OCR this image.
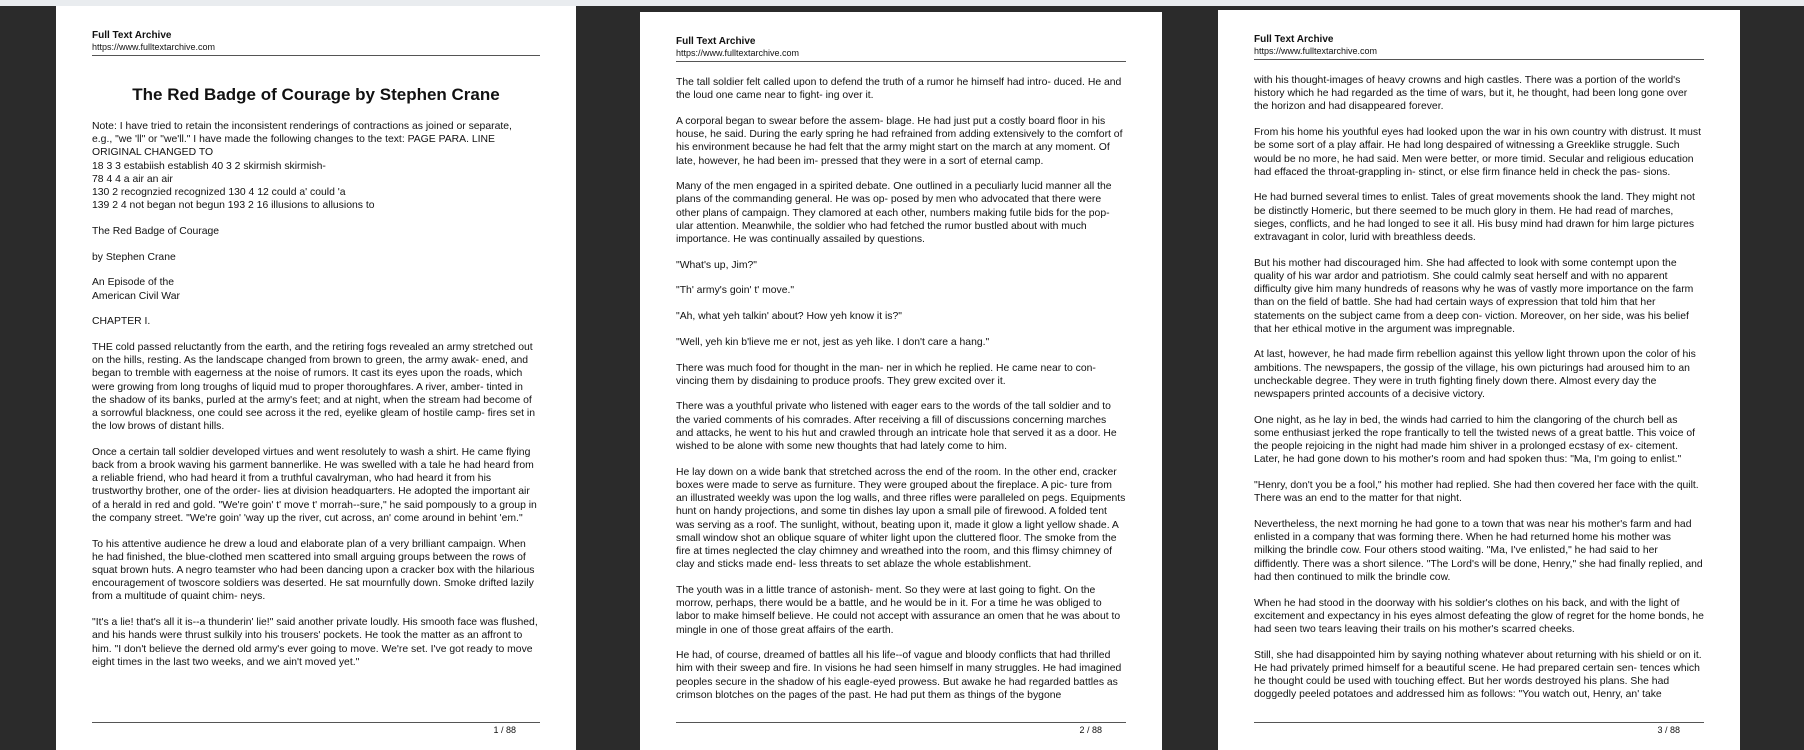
Full Text Archive
https://www.fulltextarchive.com
The Red Badge of Courage by Stephen Crane

Note: I have tried to retain the inconsistent renderings of contractions as joined or separate,
e.g., "we 'll" or "we'll." I have made the following changes to the text: PAGE PARA. LINE
ORIGINAL CHANGED TO
18 3 3 estabiish establish 40 3 2 skirmish skirmish-
78 4 4 a air an air
130 2 recognzied recognized 130 4 12 could a' could 'a
139 2 4 not began not begun 193 2 16 illusions to allusions to

The Red Badge of Courage

by Stephen Crane

An Episode of the
American Civil War

CHAPTER I.

THE cold passed reluctantly from the earth, and the retiring fogs revealed an army stretched out on the hills, resting. As the landscape changed from brown to green, the army awak- ened, and began to tremble with eagerness at the noise of rumors. It cast its eyes upon the roads, which were growing from long troughs of liquid mud to proper thoroughfares. A river, amber- tinted in the shadow of its banks, purled at the army's feet; and at night, when the stream had become of a sorrowful blackness, one could see across it the red, eyelike gleam of hostile camp- fires set in the low brows of distant hills.

Once a certain tall soldier developed virtues and went resolutely to wash a shirt. He came flying back from a brook waving his garment bannerlike. He was swelled with a tale he had heard from a reliable friend, who had heard it from a truthful cavalryman, who had heard it from his trustworthy brother, one of the order- lies at division headquarters. He adopted the important air of a herald in red and gold. "We're goin' t' move t' morrah--sure," he said pompously to a group in the company street. "We're goin' 'way up the river, cut across, an' come around in behint 'em."

To his attentive audience he drew a loud and elaborate plan of a very brilliant campaign. When he had finished, the blue-clothed men scattered into small arguing groups between the rows of squat brown huts. A negro teamster who had been dancing upon a cracker box with the hilarious encouragement of twoscore soldiers was deserted. He sat mournfully down. Smoke drifted lazily from a multitude of quaint chim- neys.

"It's a lie! that's all it is--a thunderin' lie!" said another private loudly. His smooth face was flushed, and his hands were thrust sulkily into his trousers' pockets. He took the matter as an affront to him. "I don't believe the derned old army's ever going to move. We're set. I've got ready to move eight times in the last two weeks, and we ain't moved yet."

1 / 88
Full Text Archive
https://www.fulltextarchive.com

The tall soldier felt called upon to defend the truth of a rumor he himself had intro- duced. He and the loud one came near to fight- ing over it.

A corporal began to swear before the assem- blage. He had just put a costly board floor in his house, he said. During the early spring he had refrained from adding extensively to the comfort of his environment because he had felt that the army might start on the march at any moment. Of late, however, he had been im- pressed that they were in a sort of eternal camp.

Many of the men engaged in a spirited debate. One outlined in a peculiarly lucid manner all the plans of the commanding general. He was op- posed by men who advocated that there were other plans of campaign. They clamored at each other, numbers making futile bids for the pop- ular attention. Meanwhile, the soldier who had fetched the rumor bustled about with much importance. He was continually assailed by questions.

"What's up, Jim?"

"Th' army's goin' t' move."

"Ah, what yeh talkin' about? How yeh know it is?"

"Well, yeh kin b'lieve me er not, jest as yeh like. I don't care a hang."

There was much food for thought in the man- ner in which he replied. He came near to con- vincing them by disdaining to produce proofs. They grew excited over it.

There was a youthful private who listened with eager ears to the words of the tall soldier and to the varied comments of his comrades. After receiving a fill of discussions concerning marches and attacks, he went to his hut and crawled through an intricate hole that served it as a door. He wished to be alone with some new thoughts that had lately come to him.

He lay down on a wide bank that stretched across the end of the room. In the other end, cracker boxes were made to serve as furniture. They were grouped about the fireplace. A pic- ture from an illustrated weekly was upon the log walls, and three rifles were paralleled on pegs. Equipments hunt on handy projections, and some tin dishes lay upon a small pile of firewood. A folded tent was serving as a roof. The sunlight, without, beating upon it, made it glow a light yellow shade. A small window shot an oblique square of whiter light upon the cluttered floor. The smoke from the fire at times neglected the clay chimney and wreathed into the room, and this flimsy chimney of clay and sticks made end- less threats to set ablaze the whole establishment.

The youth was in a little trance of astonish- ment. So they were at last going to fight. On the morrow, perhaps, there would be a battle, and he would be in it. For a time he was obliged to labor to make himself believe. He could not accept with assurance an omen that he was about to mingle in one of those great affairs of the earth.

He had, of course, dreamed of battles all his life--of vague and bloody conflicts that had thrilled him with their sweep and fire. In visions he had seen himself in many struggles. He had imagined peoples secure in the shadow of his eagle-eyed prowess. But awake he had regarded battles as crimson blotches on the pages of the past. He had put them as things of the bygone

2 / 88
Full Text Archive
https://www.fulltextarchive.com

with his thought-images of heavy crowns and high castles. There was a portion of the world's history which he had regarded as the time of wars, but it, he thought, had been long gone over the horizon and had disappeared forever.

From his home his youthful eyes had looked upon the war in his own country with distrust. It must be some sort of a play affair. He had long despaired of witnessing a Greeklike struggle. Such would be no more, he had said. Men were better, or more timid. Secular and religious education had effaced the throat-grappling in- stinct, or else firm finance held in check the pas- sions.

He had burned several times to enlist. Tales of great movements shook the land. They might not be distinctly Homeric, but there seemed to be much glory in them. He had read of marches, sieges, conflicts, and he had longed to see it all. His busy mind had drawn for him large pictures extravagant in color, lurid with breathless deeds.

But his mother had discouraged him. She had affected to look with some contempt upon the quality of his war ardor and patriotism. She could calmly seat herself and with no apparent difficulty give him many hundreds of reasons why he was of vastly more importance on the farm than on the field of battle. She had had certain ways of expression that told him that her statements on the subject came from a deep con- viction. Moreover, on her side, was his belief that her ethical motive in the argument was impregnable.

At last, however, he had made firm rebellion against this yellow light thrown upon the color of his ambitions. The newspapers, the gossip of the village, his own picturings had aroused him to an uncheckable degree. They were in truth fighting finely down there. Almost every day the newspapers printed accounts of a decisive victory.

One night, as he lay in bed, the winds had carried to him the clangoring of the church bell as some enthusiast jerked the rope frantically to tell the twisted news of a great battle. This voice of the people rejoicing in the night had made him shiver in a prolonged ecstasy of ex- citement. Later, he had gone down to his mother's room and had spoken thus: "Ma, I'm going to enlist."

"Henry, don't you be a fool," his mother had replied. She had then covered her face with the quilt. There was an end to the matter for that night.

Nevertheless, the next morning he had gone to a town that was near his mother's farm and had enlisted in a company that was forming there. When he had returned home his mother was milking the brindle cow. Four others stood waiting. "Ma, I've enlisted," he had said to her diffidently. There was a short silence. "The Lord's will be done, Henry," she had finally replied, and had then continued to milk the brindle cow.

When he had stood in the doorway with his soldier's clothes on his back, and with the light of excitement and expectancy in his eyes almost defeating the glow of regret for the home bonds, he had seen two tears leaving their trails on his mother's scarred cheeks.

Still, she had disappointed him by saying nothing whatever about returning with his shield or on it. He had privately primed himself for a beautiful scene. He had prepared certain sen- tences which he thought could be used with touching effect. But her words destroyed his plans. She had doggedly peeled potatoes and addressed him as follows: "You watch out, Henry, an' take

3 / 88
